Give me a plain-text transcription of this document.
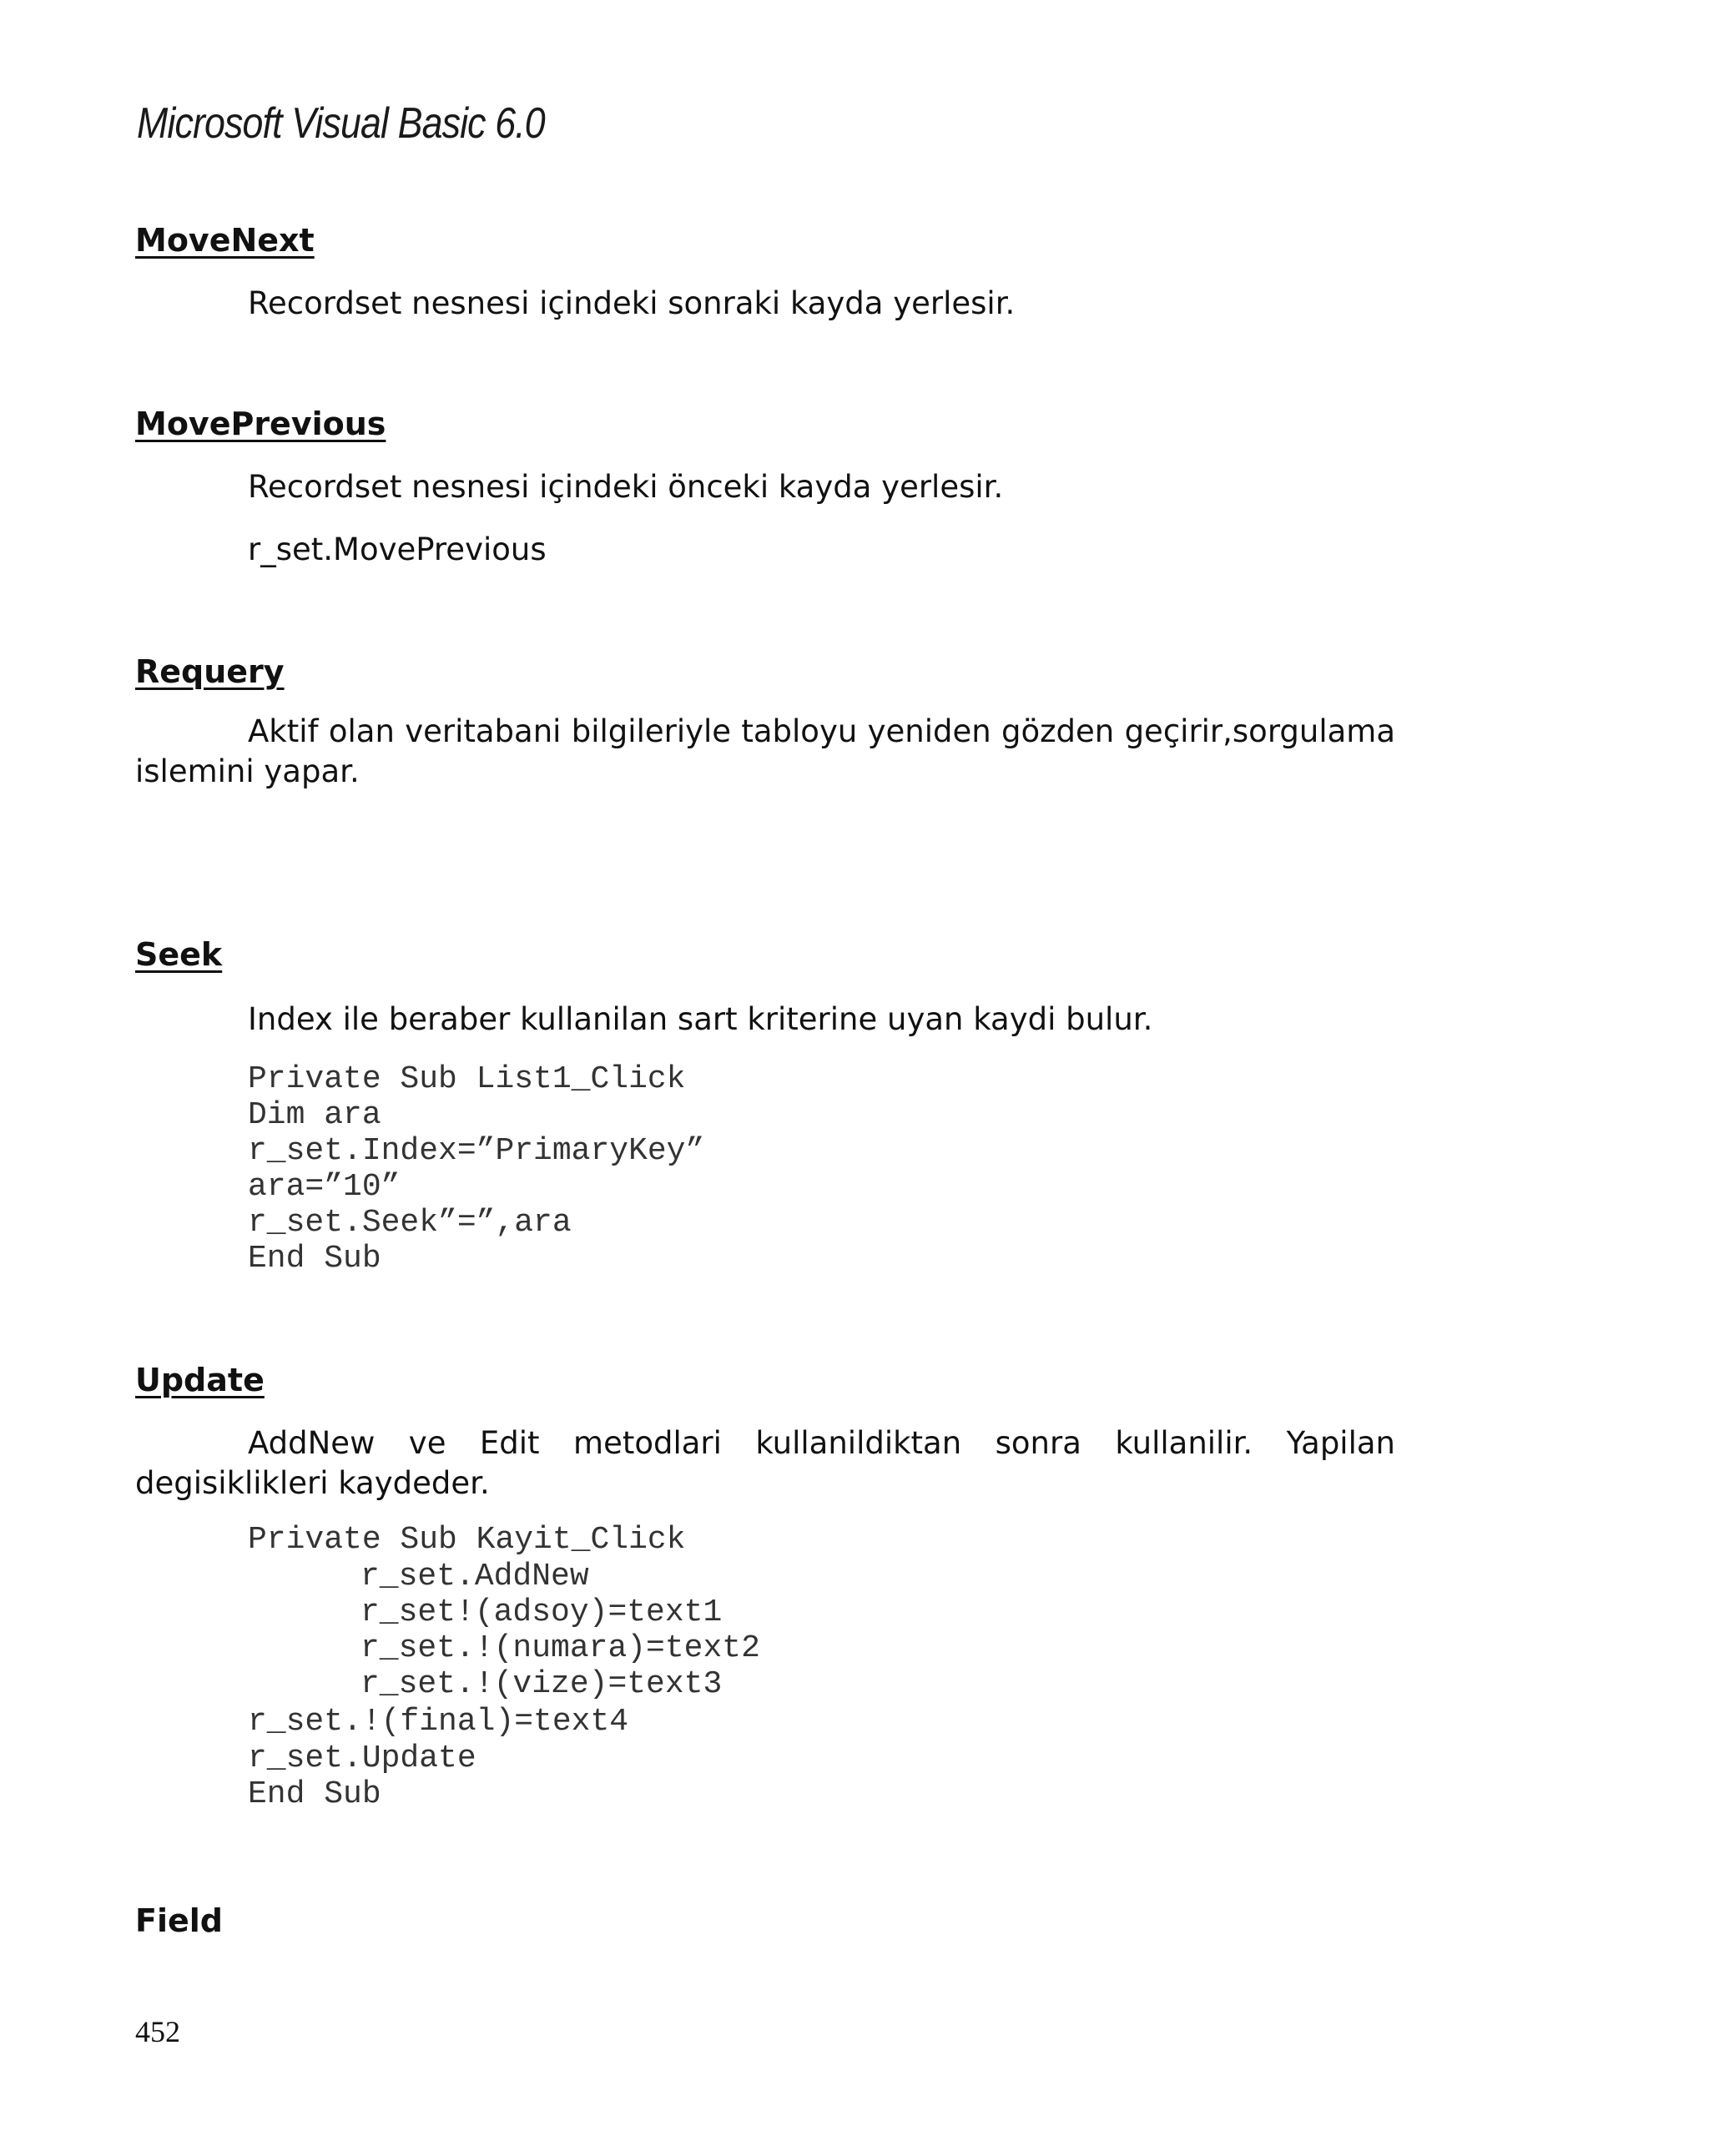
Microsoft Visual Basic 6.0
MoveNext

Recordset nesnesi içindeki sonraki kayda yerlesir.

MovePrevious

Recordset nesnesi içindeki önceki kayda yerlesir.

r_set.MovePrevious

Requery

Aktif olan veritabani bilgileriyle tabloyu yeniden gözden geçirir,sorgulama islemini yapar.

Seek

Index ile beraber kullanilan sart kriterine uyan kaydi bulur.

Private Sub List1_Click

Dim ara

r_set.Index=”PrimaryKey”

ara=”10”

r_set.Seek”=”,ara

End Sub

Update

AddNew ve Edit metodlari kullanildiktan sonra kullanilir. Yapilan degisiklikleri kaydeder.

Private Sub Kayit_Click

r_set.AddNew

r_set!(adsoy)=text1

r_set.!(numara)=text2

r_set.!(vize)=text3

r_set.!(final)=text4

r_set.Update

End Sub

Field
452
